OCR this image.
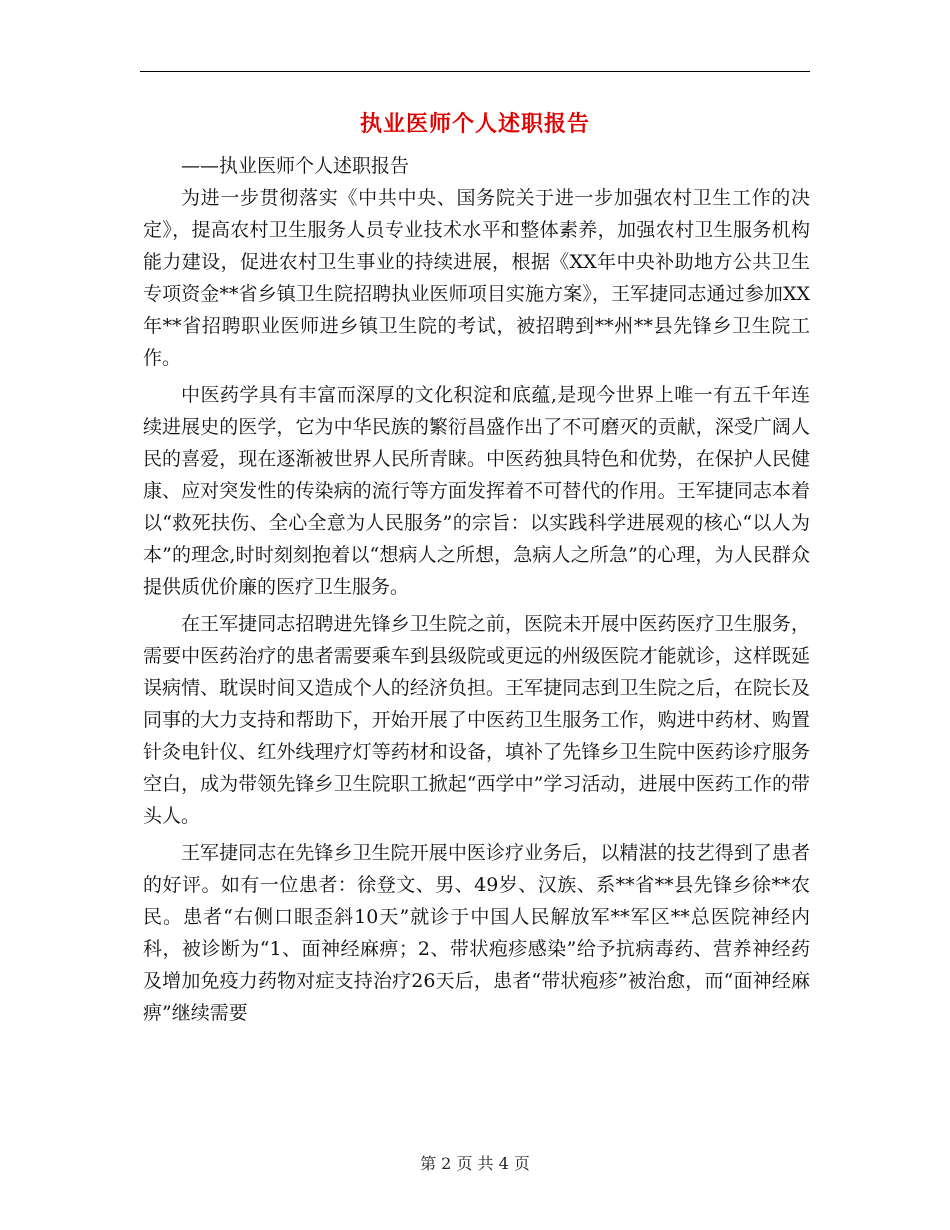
执业医师个人述职报告

——执业医师个人述职报告

为进一步贯彻落实《中共中央、国务院关于进一步加强农村卫生工作的决定》，提高农村卫生服务人员专业技术水平和整体素养，加强农村卫生服务机构能力建设，促进农村卫生事业的持续进展，根据《XX年中央补助地方公共卫生专项资金**省乡镇卫生院招聘执业医师项目实施方案》，王军捷同志通过参加XX年**省招聘职业医师进乡镇卫生院的考试，被招聘到**州**县先锋乡卫生院工作。

中医药学具有丰富而深厚的文化积淀和底蕴,是现今世界上唯一有五千年连续进展史的医学，它为中华民族的繁衍昌盛作出了不可磨灭的贡献，深受广阔人民的喜爱，现在逐渐被世界人民所青睐。中医药独具特色和优势，在保护人民健康、应对突发性的传染病的流行等方面发挥着不可替代的作用。王军捷同志本着以“救死扶伤、全心全意为人民服务”的宗旨：以实践科学进展观的核心“以人为本”的理念,时时刻刻抱着以“想病人之所想，急病人之所急”的心理，为人民群众提供质优价廉的医疗卫生服务。

在王军捷同志招聘进先锋乡卫生院之前，医院未开展中医药医疗卫生服务，需要中医药治疗的患者需要乘车到县级院或更远的州级医院才能就诊，这样既延误病情、耽误时间又造成个人的经济负担。王军捷同志到卫生院之后，在院长及同事的大力支持和帮助下，开始开展了中医药卫生服务工作，购进中药材、购置针灸电针仪、红外线理疗灯等药材和设备，填补了先锋乡卫生院中医药诊疗服务空白，成为带领先锋乡卫生院职工掀起“西学中”学习活动，进展中医药工作的带头人。

王军捷同志在先锋乡卫生院开展中医诊疗业务后，以精湛的技艺得到了患者的好评。如有一位患者：徐登文、男、49岁、汉族、系**省**县先锋乡徐**农民。患者“右侧口眼歪斜10天”就诊于中国人民解放军**军区**总医院神经内科，被诊断为“1、面神经麻痹；2、带状疱疹感染”给予抗病毒药、营养神经药及增加免疫力药物对症支持治疗26天后，患者“带状疱疹”被治愈，而“面神经麻痹”继续需要

第 2 页 共 4 页
